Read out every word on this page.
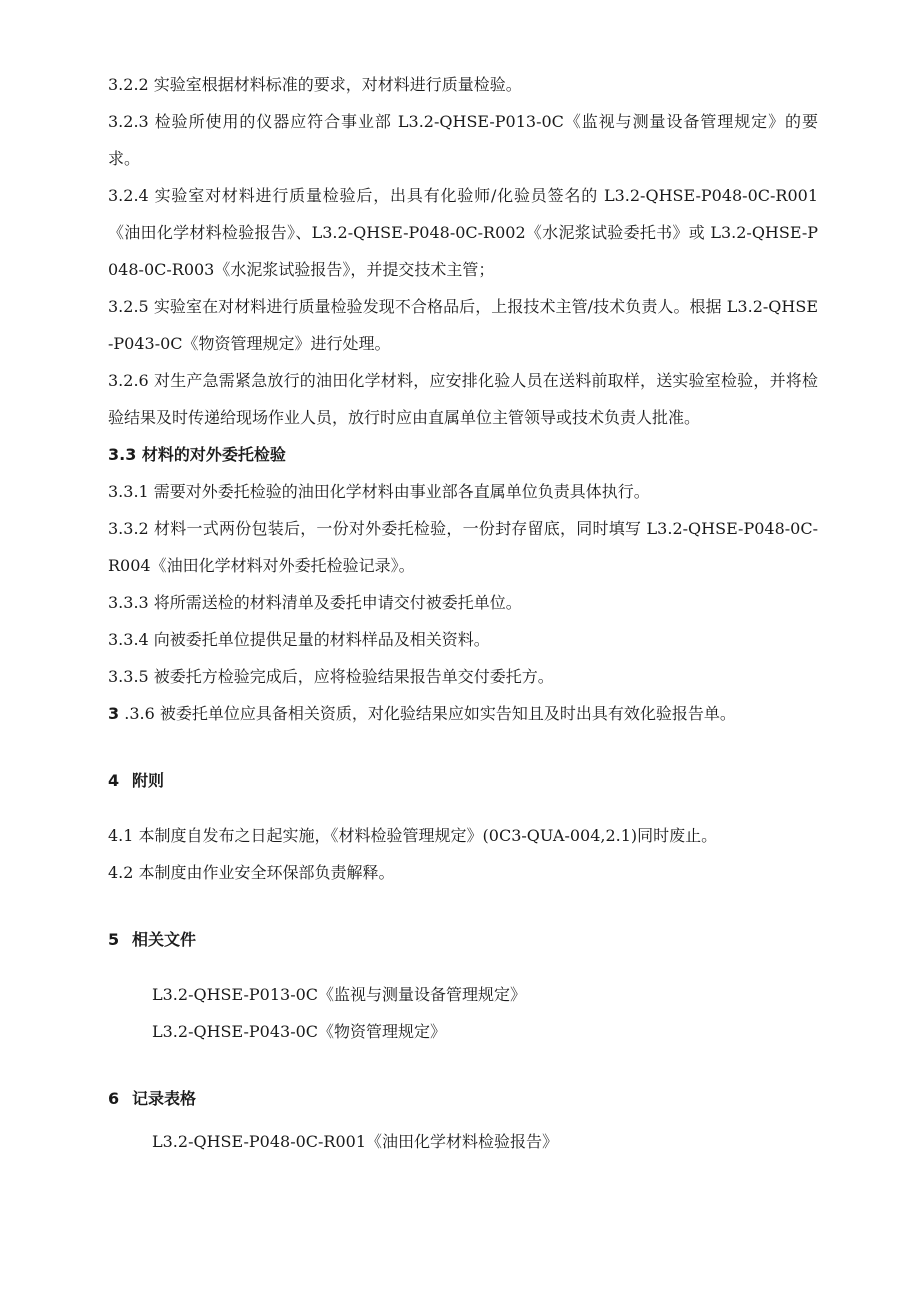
3.2.2 实验室根据材料标准的要求，对材料进行质量检验。

3.2.3 检验所使用的仪器应符合事业部 L3.2-QHSE-P013-0C《监视与测量设备管理规定》的要求。

3.2.4 实验室对材料进行质量检验后，出具有化验师/化验员签名的 L3.2-QHSE-P048-0C-R001《油田化学材料检验报告》、L3.2-QHSE-P048-0C-R002《水泥浆试验委托书》或 L3.2-QHSE-P048-0C-R003《水泥浆试验报告》，并提交技术主管；

3.2.5 实验室在对材料进行质量检验发现不合格品后，上报技术主管/技术负责人。根据 L3.2-QHSE-P043-0C《物资管理规定》进行处理。

3.2.6 对生产急需紧急放行的油田化学材料，应安排化验人员在送料前取样，送实验室检验，并将检验结果及时传递给现场作业人员，放行时应由直属单位主管领导或技术负责人批准。

3.3 材料的对外委托检验

3.3.1 需要对外委托检验的油田化学材料由事业部各直属单位负责具体执行。

3.3.2 材料一式两份包装后，一份对外委托检验，一份封存留底，同时填写 L3.2-QHSE-P048-0C-R004《油田化学材料对外委托检验记录》。

3.3.3 将所需送检的材料清单及委托申请交付被委托单位。

3.3.4 向被委托单位提供足量的材料样品及相关资料。

3.3.5 被委托方检验完成后，应将检验结果报告单交付委托方。

3 .3.6 被委托单位应具备相关资质，对化验结果应如实告知且及时出具有效化验报告单。

4 附则

4.1 本制度自发布之日起实施，《材料检验管理规定》(0C3-QUA-004,2.1)同时废止。

4.2 本制度由作业安全环保部负责解释。

5 相关文件

L3.2-QHSE-P013-0C《监视与测量设备管理规定》

L3.2-QHSE-P043-0C《物资管理规定》

6 记录表格

L3.2-QHSE-P048-0C-R001《油田化学材料检验报告》
